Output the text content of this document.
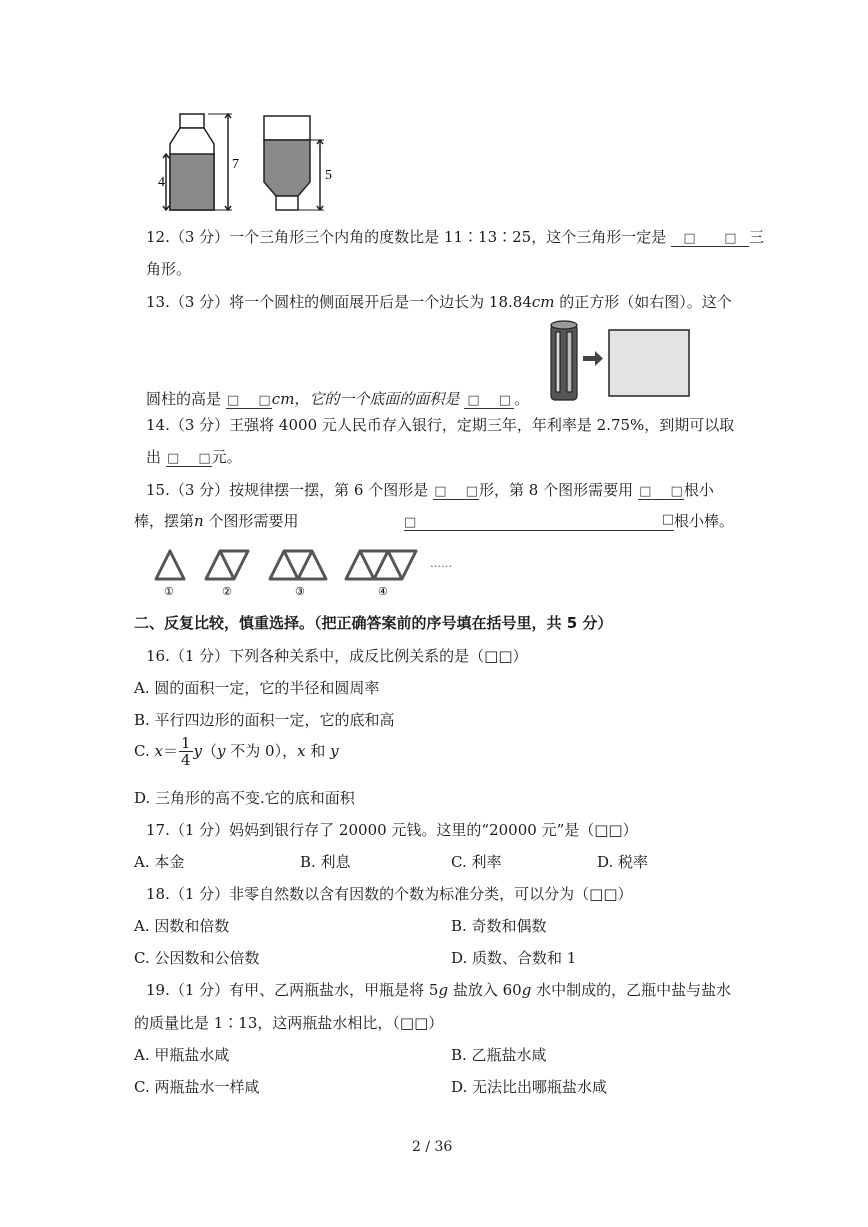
4
7
5
12.（3 分）一个三角形三个内角的度数比是 11∶13∶25，这个三角形一定是 □ □ 三
角形。
13.（3 分）将一个圆柱的侧面展开后是一个边长为 18.84cm 的正方形（如右图）。这个
圆柱的高是 □ □cm，它的一个底面的面积是 □ □ 。
14.（3 分）王强将 4000 元人民币存入银行，定期三年，年利率是 2.75%，到期可以取
出 □ □元。
15.（3 分）按规律摆一摆，第 6 个图形是 □ □形，第 8 个图形需要用 □ □根小
棒，摆第n 个图形需要用	□	□ 根小棒。
①	②	③	④
……
二、反复比较，慎重选择。（把正确答案前的序号填在括号里，共 5 分）
16.（1 分）下列各种关系中，成反比例关系的是（□□）
A. 圆的面积一定，它的半径和圆周率
B. 平行四边形的面积一定，它的底和高
C. $x= \frac{1}{4} y(y$ 不为 0），x 和 y
D. 三角形的高不变.它的底和面积
17.（1 分）妈妈到银行存了 20000 元钱。这里的“20000 元”是（□□）
A. 本金	B. 利息	C. 利率	D. 税率
18.（1 分）非零自然数以含有因数的个数为标准分类，可以分为（□□）
A. 因数和倍数	B. 奇数和偶数
C. 公因数和公倍数	D. 质数、合数和 1
19.（1 分）有甲、乙两瓶盐水，甲瓶是将 5g 盐放入 60g 水中制成的，乙瓶中盐与盐水
的质量比是 1∶13，这两瓶盐水相比，（□□）
A. 甲瓶盐水咸	B. 乙瓶盐水咸
C. 两瓶盐水一样咸	D. 无法比出哪瓶盐水咸
2 / 36
